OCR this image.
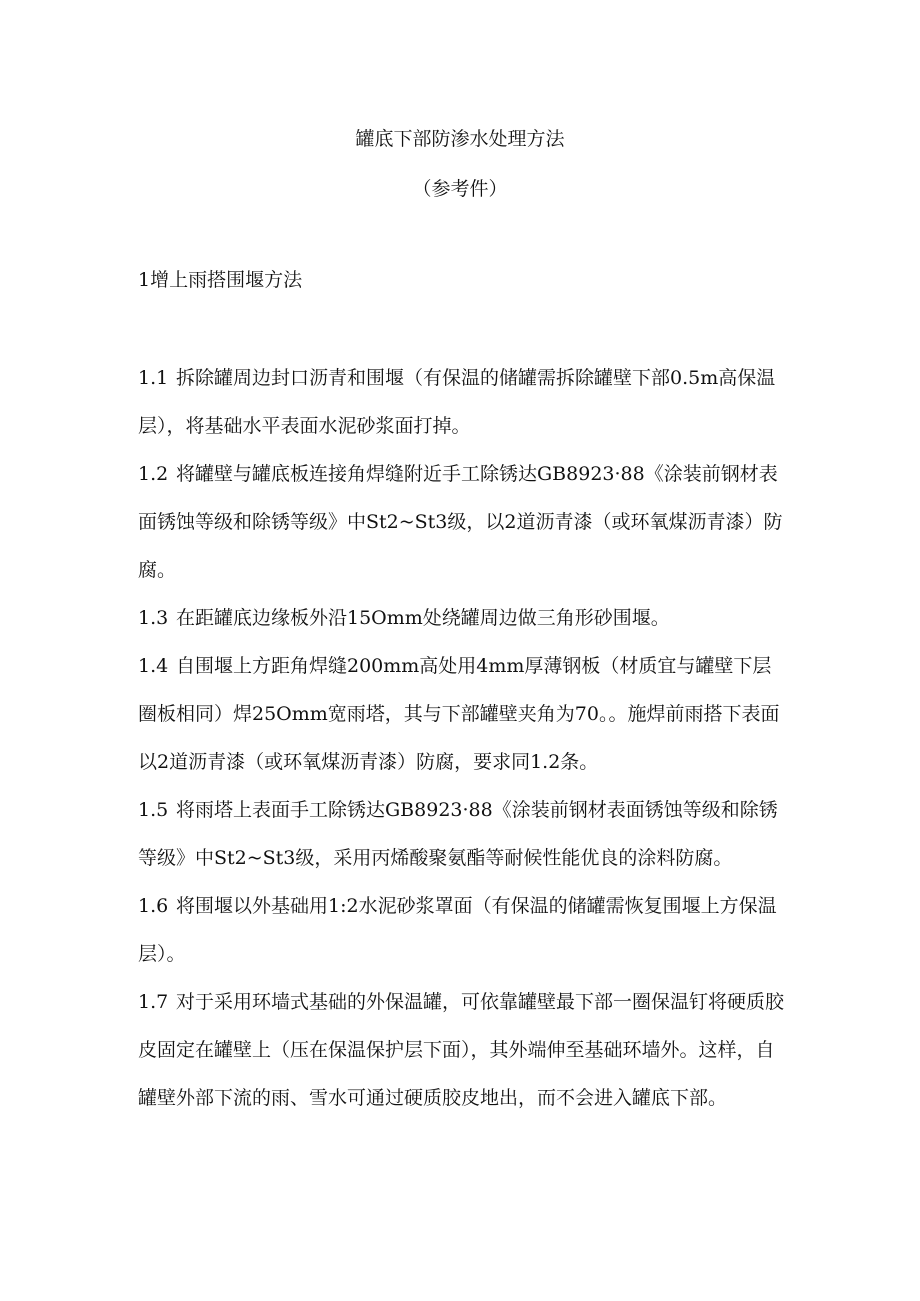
罐底下部防渗水处理方法
（参考件）
1增上雨搭围堰方法

1.1 拆除罐周边封口沥青和围堰（有保温的储罐需拆除罐壁下部0.5m高保温层），将基础水平表面水泥砂浆面打掉。

1.2 将罐壁与罐底板连接角焊缝附近手工除锈达GB8923·88《涂装前钢材表面锈蚀等级和除锈等级》中St2~St3级，以2道沥青漆（或环氧煤沥青漆）防腐。

1.3 在距罐底边缘板外沿15Omm处绕罐周边做三角形砂围堰。

1.4 自围堰上方距角焊缝200mm高处用4mm厚薄钢板（材质宜与罐壁下层圈板相同）焊25Omm宽雨塔，其与下部罐壁夹角为70。。施焊前雨搭下表面以2道沥青漆（或环氧煤沥青漆）防腐，要求同1.2条。

1.5 将雨塔上表面手工除锈达GB8923·88《涂装前钢材表面锈蚀等级和除锈等级》中St2~St3级，采用丙烯酸聚氨酯等耐候性能优良的涂料防腐。

1.6 将围堰以外基础用1:2水泥砂浆罩面（有保温的储罐需恢复围堰上方保温层）。

1.7 对于采用环墙式基础的外保温罐，可依靠罐壁最下部一圈保温钉将硬质胶皮固定在罐壁上（压在保温保护层下面），其外端伸至基础环墙外。这样，自罐壁外部下流的雨、雪水可通过硬质胶皮地出，而不会进入罐底下部。
